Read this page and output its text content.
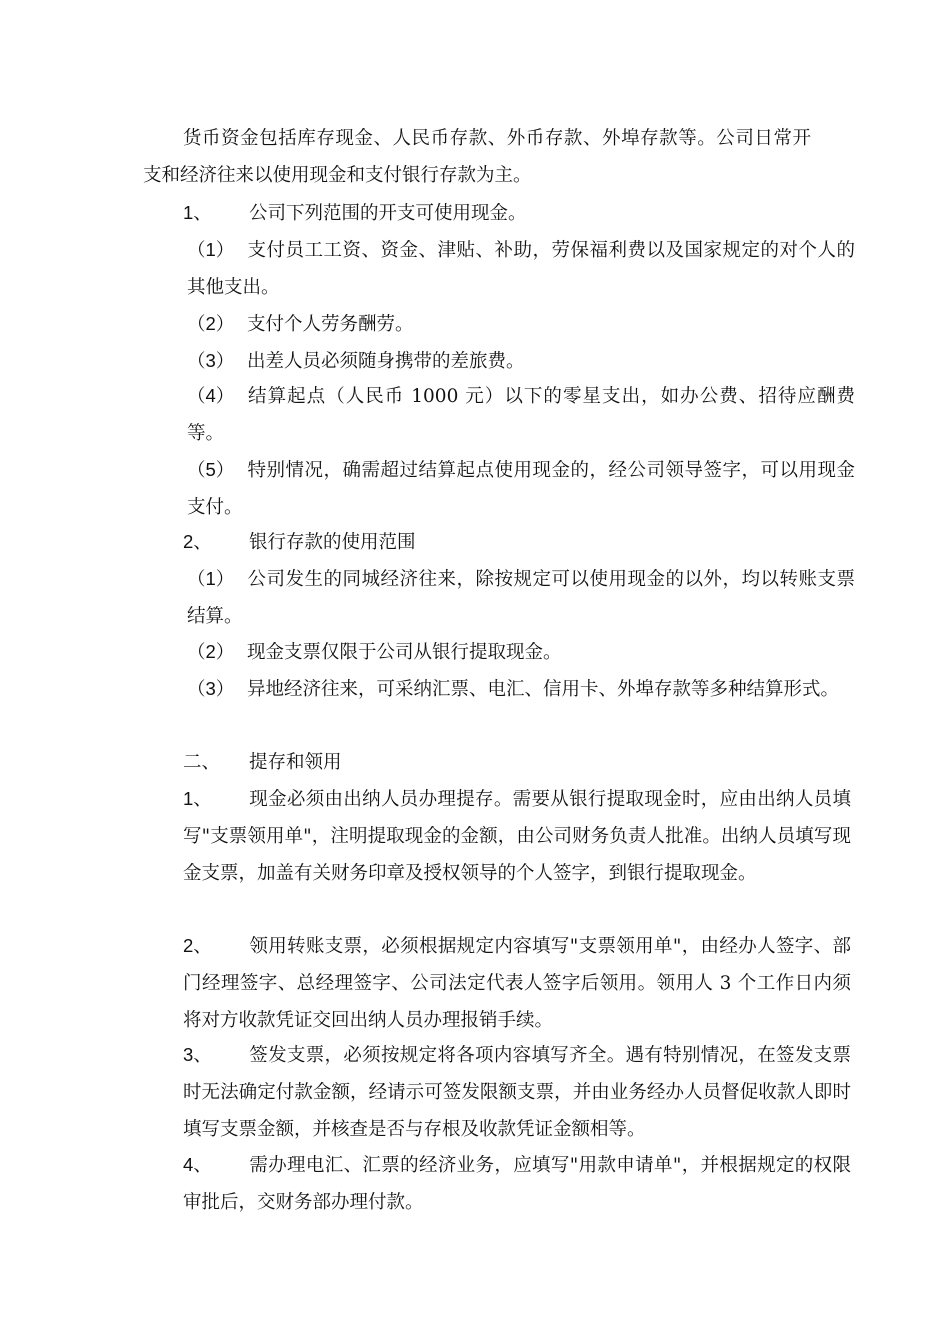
货币资金包括库存现金、人民币存款、外币存款、外埠存款等。公司日常开支和经济往来以使用现金和支付银行存款为主。
1、 公司下列范围的开支可使用现金。
（1） 支付员工工资、资金、津贴、补助，劳保福利费以及国家规定的对个人的其他支出。
（2） 支付个人劳务酬劳。
（3） 出差人员必须随身携带的差旅费。
（4） 结算起点（人民币 1000 元）以下的零星支出，如办公费、招待应酬费等。
（5） 特别情况，确需超过结算起点使用现金的，经公司领导签字，可以用现金支付。
2、 银行存款的使用范围
（1） 公司发生的同城经济往来，除按规定可以使用现金的以外，均以转账支票结算。
（2） 现金支票仅限于公司从银行提取现金。
（3） 异地经济往来，可采纳汇票、电汇、信用卡、外埠存款等多种结算形式。
二、 提存和领用
1、 现金必须由出纳人员办理提存。需要从银行提取现金时，应由出纳人员填写"支票领用单"，注明提取现金的金额，由公司财务负责人批准。出纳人员填写现金支票，加盖有关财务印章及授权领导的个人签字，到银行提取现金。
2、 领用转账支票，必须根据规定内容填写"支票领用单"，由经办人签字、部门经理签字、总经理签字、公司法定代表人签字后领用。领用人 3 个工作日内须将对方收款凭证交回出纳人员办理报销手续。
3、 签发支票，必须按规定将各项内容填写齐全。遇有特别情况，在签发支票时无法确定付款金额，经请示可签发限额支票，并由业务经办人员督促收款人即时填写支票金额，并核查是否与存根及收款凭证金额相等。
4、 需办理电汇、汇票的经济业务，应填写"用款申请单"，并根据规定的权限审批后，交财务部办理付款。
